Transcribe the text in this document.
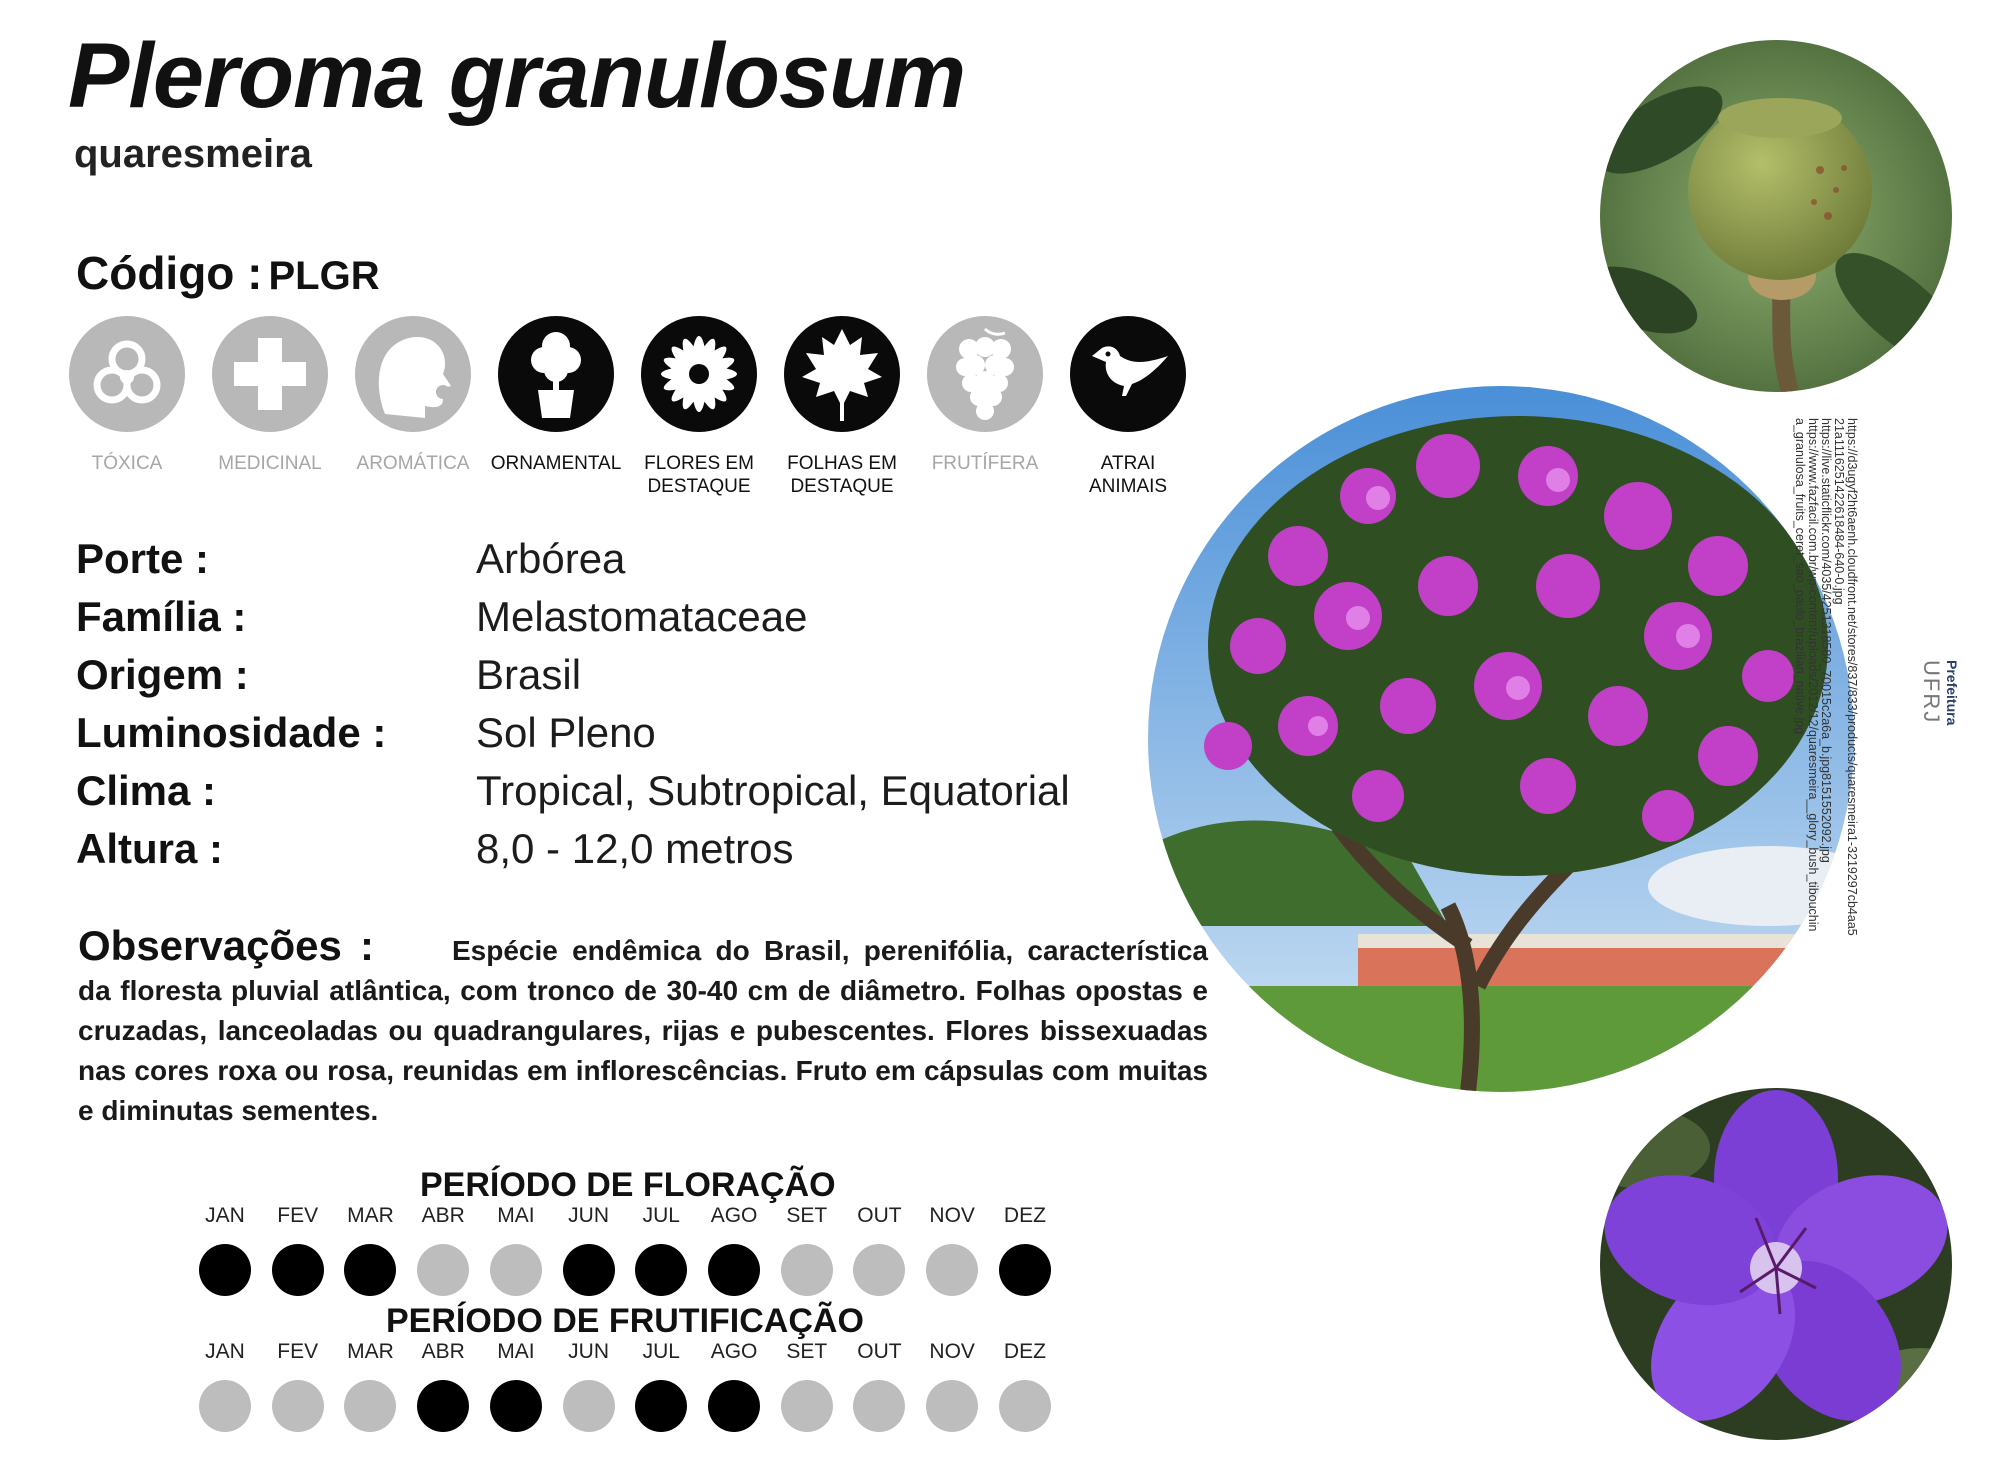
Pleroma granulosum
quaresmeira
Código : PLGR
TÓXICA	MEDICINAL	AROMÁTICA	ORNAMENTAL	FLORES EM
DESTAQUE
FOLHAS EM
DESTAQUE
FRUTÍFERA	ATRAI
ANIMAIS
Porte :	Arbórea
Família :	Melastomataceae
Origem :	Brasil
Luminosidade :	Sol Pleno
Clima :	Tropical, Subtropical, Equatorial
Altura :	8,0 - 12,0 metros
Observações :	Espécie endêmica do Brasil, perenifólia, característica da floresta pluvial atlântica, com tronco de 30-40 cm de diâmetro. Folhas opostas e cruzadas, lanceoladas ou quadrangulares, rijas e pubescentes. Flores bissexuadas nas cores roxa ou rosa, reunidas em inflorescências. Fruto em cápsulas com muitas e diminutas sementes.
PERÍODO DE FLORAÇÃO
JAN	FEV	MAR	ABR	MAI	JUN	JUL	AGO	SET	OUT	NOV	DEZ
PERÍODO DE FRUTIFICAÇÃO
JAN	FEV	MAR	ABR	MAI	JUN	JUL	AGO	SET	OUT	NOV	DEZ
https://d3ugyf2ht6aenh.cloudfront.net/stores/837/833/products/quaresmeira1-3219297cb4aa521a1116251422618484-640-0.jpg
https://live.staticflickr.com/4035/4251318580_70015c2a6a_b.jpg8151552092.jpg
https://www.fazfacil.com.br/wp-content/uploads/2012/12/quaresmeira__glory_bush_tibouchina_granulosa_fruits_ceret_sao_paulo_brazilian_native.jpg	Prefeitura
UFRJ
